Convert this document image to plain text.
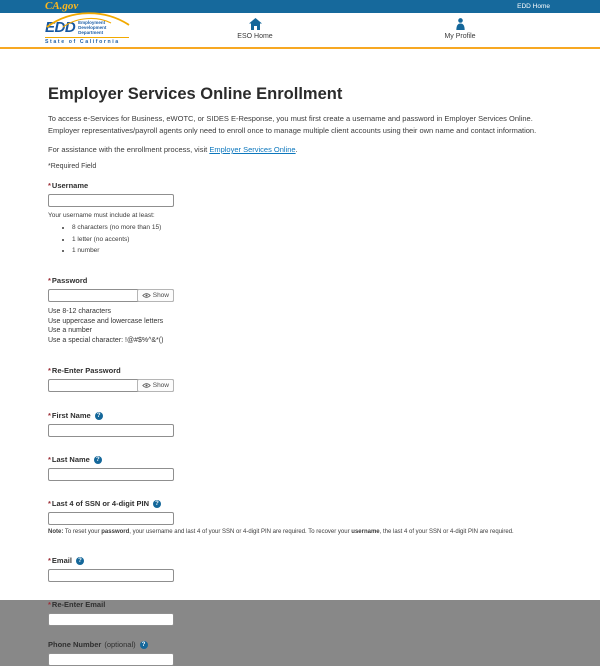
CA.gov	EDD Home
EDD Employment
Development
Department
State of California
ESO Home	My Profile
Employer Services Online Enrollment

To access e-Services for Business, eWOTC, or SIDES E-Response, you must first create a username and password in Employer Services Online. Employer representatives/payroll agents only need to enroll once to manage multiple client accounts using their own name and contact information.

For assistance with the enrollment process, visit Employer Services Online.

*Required Field

* Username
Your username must include at least:
• 8 characters (no more than 15)
• 1 letter (no accents)
• 1 number
* Password
Show
Use 8-12 characters
Use uppercase and lowercase letters
Use a number
Use a special character: !@#$%^&*()
* Re-Enter Password
Show
* First Name	?
* Last Name	?
* Last 4 of SSN or 4-digit PIN	?
Note: To reset your password, your username and last 4 of your SSN or 4-digit PIN are required. To recover your username, the last 4 of your SSN or 4-digit PIN are required.
* Email	?
* Re-Enter Email
Phone Number (optional)	?
